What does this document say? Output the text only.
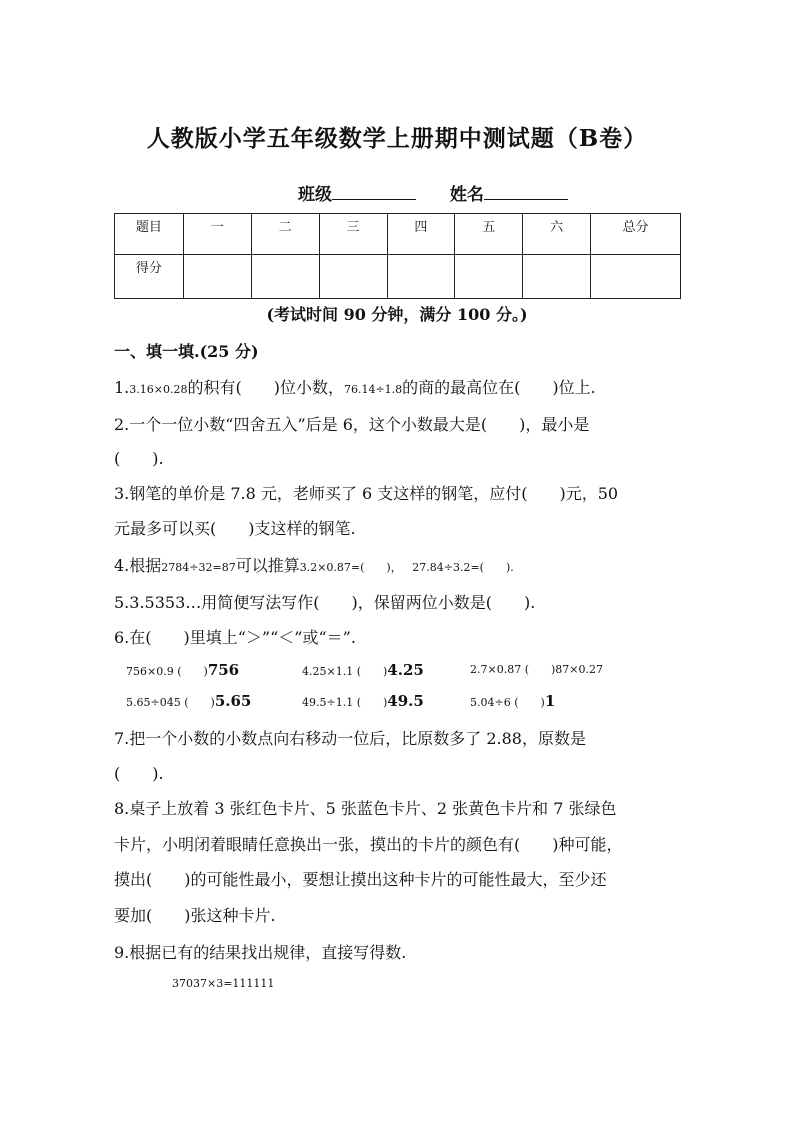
人教版小学五年级数学上册期中测试题（B卷）
班级	姓名
题目	一	二	三	四	五	六	总分
得分							
(考试时间 90 分钟，满分 100 分。)
一、填一填.(25 分)
1.3.16×0.28的积有(　　)位小数，76.14÷1.8的商的最高位在(　　)位上.
2.一个一位小数“四舍五入”后是 6，这个小数最大是(　　)，最小是
(　　).
3.钢笔的单价是 7.8 元，老师买了 6 支这样的钢笔，应付(　　)元，50
元最多可以买(　　)支这样的钢笔.
4.根据2784÷32=87可以推算3.2×0.87=(　　)，　 27.84÷3.2=(　　).
5.3.5353…用简便写法写作(　　)，保留两位小数是(　　).
6.在(　　)里填上“＞”“＜”或“＝”.
756×0.9 (　　)756	4.25×1.1 (　　)4.25	2.7×0.87 (　　)87×0.27
5.65÷045 (　　)5.65	49.5÷1.1 (　　)49.5	5.04÷6 (　　)1
7.把一个小数的小数点向右移动一位后，比原数多了 2.88，原数是
(　　).
8.桌子上放着 3 张红色卡片、5 张蓝色卡片、2 张黄色卡片和 7 张绿色
卡片，小明闭着眼睛任意换出一张，摸出的卡片的颜色有(　　)种可能，
摸出(　　)的可能性最小，要想让摸出这种卡片的可能性最大，至少还
要加(　　)张这种卡片.
9.根据已有的结果找出规律，直接写得数.
37037×3=111111
